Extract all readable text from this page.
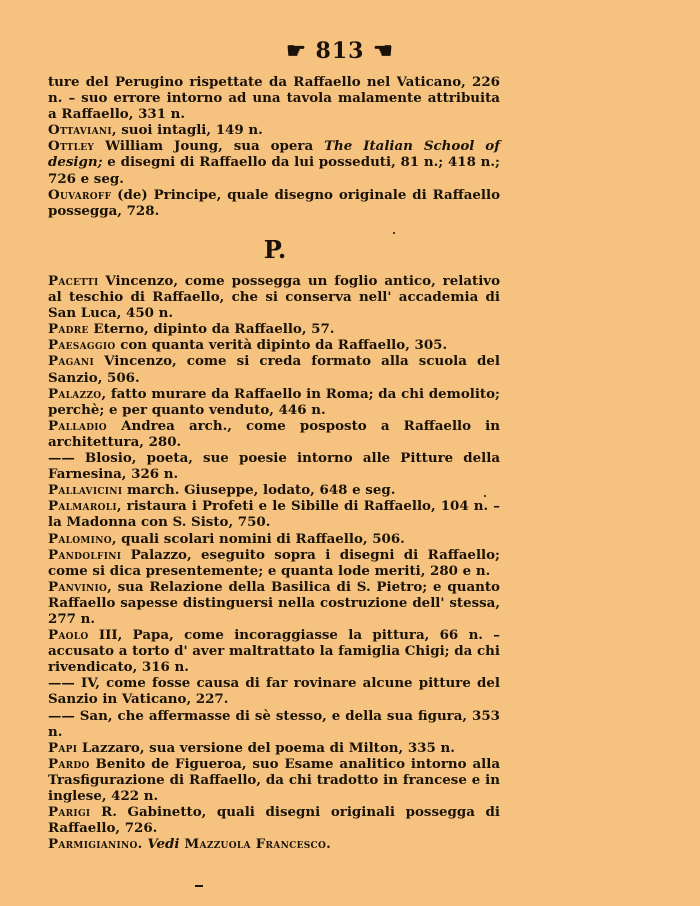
☛ 813 ☚

ture del Perugino rispettate da Raffaello nel Vaticano, 226 n. – suo errore intorno ad una tavola malamente attribuita a Raffaello, 331 n.

Ottaviani, suoi intagli, 149 n.

Ottley William Joung, sua opera The Italian School of design; e disegni di Raffaello da lui posseduti, 81 n.; 418 n.; 726 e seg.

Ouvaroff (de) Principe, quale disegno originale di Raffaello possegga, 728.

P.

Pacetti Vincenzo, come possegga un foglio antico, relativo al teschio di Raffaello, che si conserva nell' accademia di San Luca, 450 n.

Padre Eterno, dipinto da Raffaello, 57.

Paesaggio con quanta verità dipinto da Raffaello, 305.

Pagani Vincenzo, come si creda formato alla scuola del Sanzio, 506.

Palazzo, fatto murare da Raffaello in Roma; da chi demolito; perchè; e per quanto venduto, 446 n.

Palladio Andrea arch., come posposto a Raffaello in architettura, 280.

—— Blosio, poeta, sue poesie intorno alle Pitture della Farnesina, 326 n.

Pallavicini march. Giuseppe, lodato, 648 e seg.

Palmaroli, ristaura i Profeti e le Sibille di Raffaello, 104 n. – la Madonna con S. Sisto, 750.

Palomino, quali scolari nomini di Raffaello, 506.

Pandolfini Palazzo, eseguito sopra i disegni di Raffaello; come si dica presentemente; e quanta lode meriti, 280 e n.

Panvinio, sua Relazione della Basilica di S. Pietro; e quanto Raffaello sapesse distinguersi nella costruzione dell' stessa, 277 n.

Paolo III, Papa, come incoraggiasse la pittura, 66 n. – accusato a torto d' aver maltrattato la famiglia Chigi; da chi rivendicato, 316 n.

—— IV, come fosse causa di far rovinare alcune pitture del Sanzio in Vaticano, 227.

—— San, che affermasse di sè stesso, e della sua figura, 353 n.

Papi Lazzaro, sua versione del poema di Milton, 335 n.

Pardo Benito de Figueroa, suo Esame analitico intorno alla Trasfigurazione di Raffaello, da chi tradotto in francese e in inglese, 422 n.

Parigi R. Gabinetto, quali disegni originali possegga di Raffaello, 726.

Parmigianino. Vedi Mazzuola Francesco.
